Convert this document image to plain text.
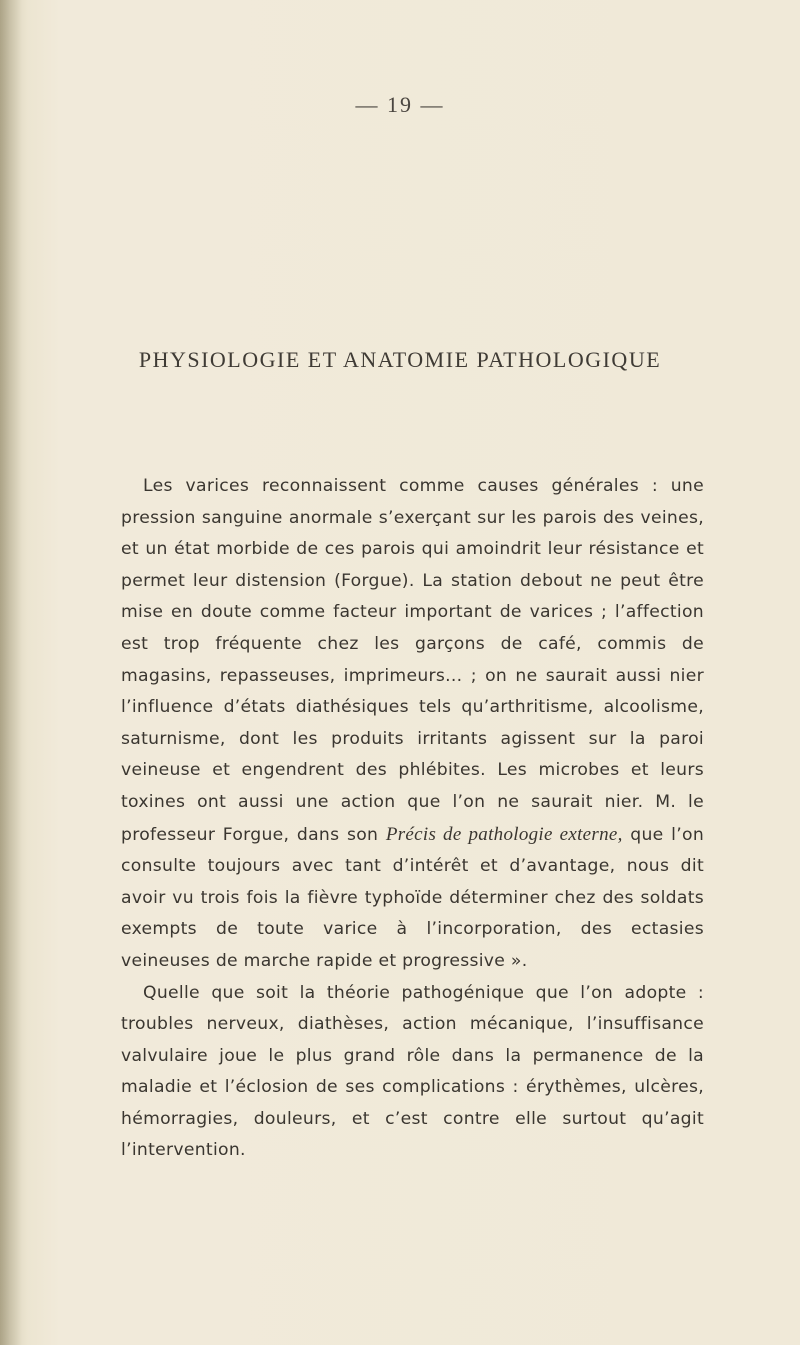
— 19 —
PHYSIOLOGIE ET ANATOMIE PATHOLOGIQUE

Les varices reconnaissent comme causes générales : une pression sanguine anormale s’exerçant sur les parois des veines, et un état morbide de ces parois qui amoindrit leur résistance et permet leur distension (Forgue). La station debout ne peut être mise en doute comme facteur important de varices ; l’affection est trop fréquente chez les garçons de café, commis de magasins, repasseuses, imprimeurs... ; on ne saurait aussi nier l’influence d’états diathésiques tels qu’arthritisme, alcoolisme, saturnisme, dont les produits irritants agissent sur la paroi veineuse et engendrent des phlébites. Les microbes et leurs toxines ont aussi une action que l’on ne saurait nier. M. le professeur Forgue, dans son Précis de pathologie externe, que l’on consulte toujours avec tant d’intérêt et d’avantage, nous dit avoir vu trois fois la fièvre typhoïde déterminer chez des soldats exempts de toute varice à l’incorporation, des ectasies veineuses de marche rapide et progressive ».

Quelle que soit la théorie pathogénique que l’on adopte : troubles nerveux, diathèses, action mécanique, l’insuffisance valvulaire joue le plus grand rôle dans la permanence de la maladie et l’éclosion de ses complications : érythèmes, ulcères, hémorragies, douleurs, et c’est contre elle surtout qu’agit l’intervention.
